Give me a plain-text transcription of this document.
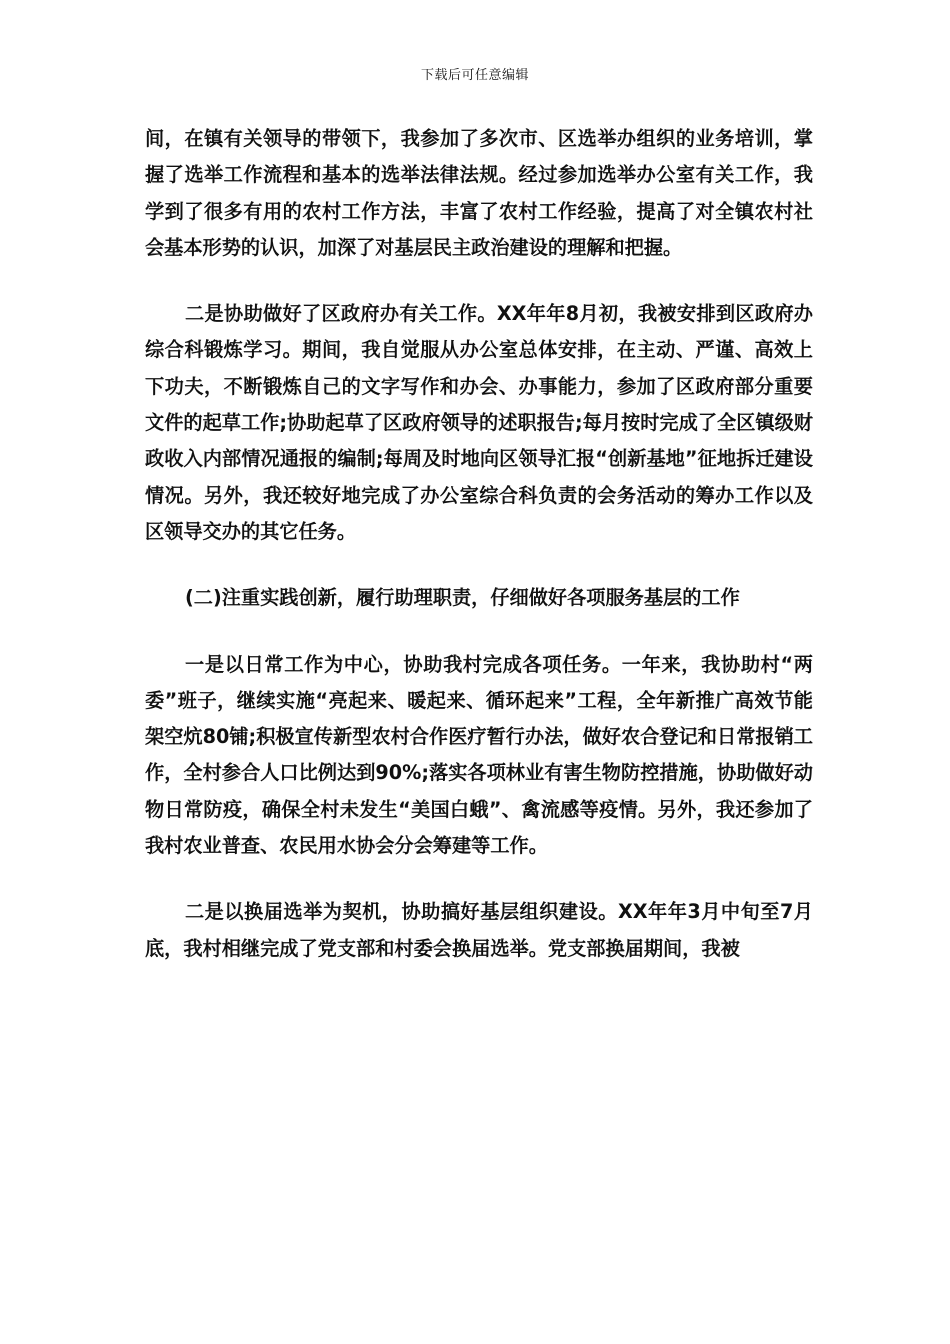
下载后可任意编辑

间，在镇有关领导的带领下，我参加了多次市、区选举办组织的业务培训，掌握了选举工作流程和基本的选举法律法规。经过参加选举办公室有关工作，我学到了很多有用的农村工作方法，丰富了农村工作经验，提高了对全镇农村社会基本形势的认识，加深了对基层民主政治建设的理解和把握。

二是协助做好了区政府办有关工作。XX年年8月初，我被安排到区政府办综合科锻炼学习。期间，我自觉服从办公室总体安排，在主动、严谨、高效上下功夫，不断锻炼自己的文字写作和办会、办事能力，参加了区政府部分重要文件的起草工作;协助起草了区政府领导的述职报告;每月按时完成了全区镇级财政收入内部情况通报的编制;每周及时地向区领导汇报“创新基地”征地拆迁建设情况。另外，我还较好地完成了办公室综合科负责的会务活动的筹办工作以及区领导交办的其它任务。

(二)注重实践创新，履行助理职责，仔细做好各项服务基层的工作

一是以日常工作为中心，协助我村完成各项任务。一年来，我协助村“两委”班子，继续实施“亮起来、暖起来、循环起来”工程，全年新推广高效节能架空炕80铺;积极宣传新型农村合作医疗暂行办法，做好农合登记和日常报销工作，全村参合人口比例达到90%;落实各项林业有害生物防控措施，协助做好动物日常防疫，确保全村未发生“美国白蛾”、禽流感等疫情。另外，我还参加了我村农业普查、农民用水协会分会筹建等工作。

二是以换届选举为契机，协助搞好基层组织建设。XX年年3月中旬至7月底，我村相继完成了党支部和村委会换届选举。党支部换届期间，我被
